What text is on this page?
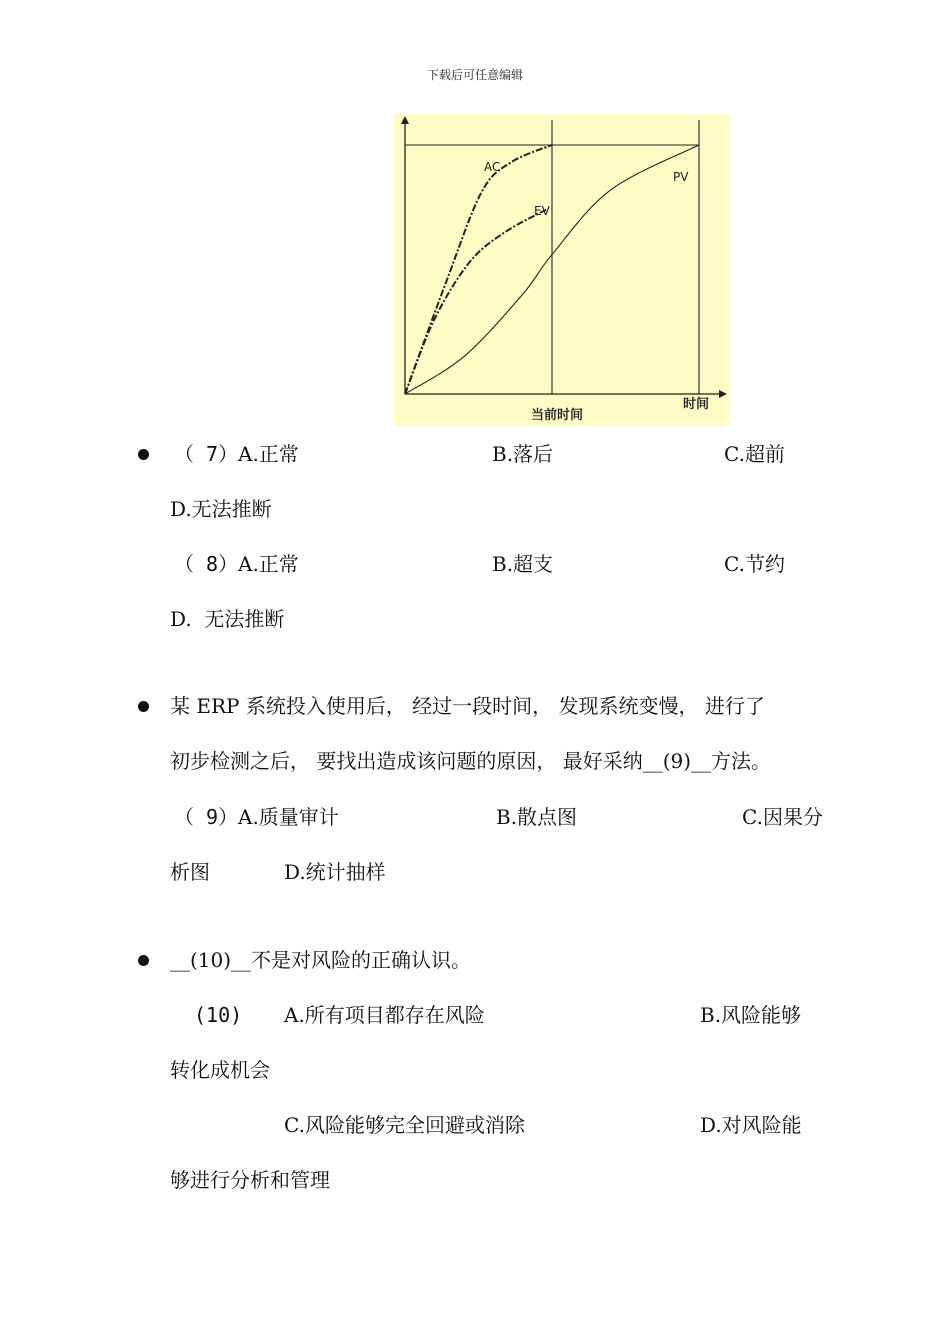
下载后可任意编辑
AC
EV
PV
当前时间
时间
（ 7） A.正常	B.落后	C.超前
D.无法推断
（ 8） A.正常	B.超支	C.节约
D.  无法推断
某 ERP 系统投入使用后， 经过一段时间， 发现系统变慢， 进行了
初步检测之后， 要找出造成该问题的原因， 最好采纳__(9)__方法。
（ 9） A.质量审计	B.散点图	C.因果分
析图	D.统计抽样
__(10)__不是对风险的正确认识。
(10) A.所有项目都存在风险	B.风险能够
转化成机会
C.风险能够完全回避或消除	D.对风险能
够进行分析和管理
